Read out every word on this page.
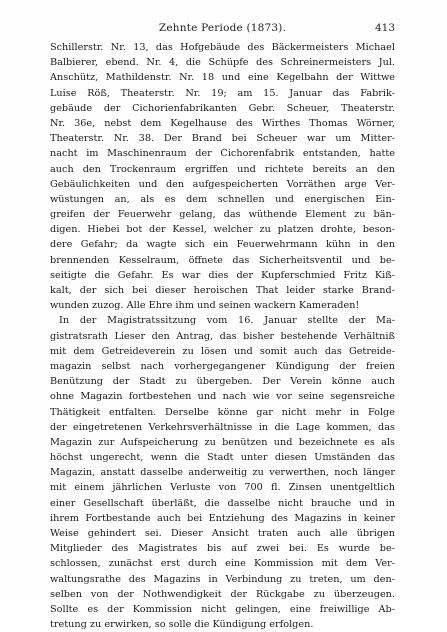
Zehnte Periode (1873).	413
Schillerstr. Nr. 13, das Hofgebäude des Bäckermeisters Michael
Balbierer, ebend. Nr. 4, die Schüpfe des Schreinermeisters Jul.
Anschütz, Mathildenstr. Nr. 18 und eine Kegelbahn der Wittwe
Luise Röß, Theaterstr. Nr. 19; am 15. Januar das Fabrik-
gebäude der Cichorienfabrikanten Gebr. Scheuer, Theaterstr.
Nr. 36e, nebst dem Kegelhause des Wirthes Thomas Wörner,
Theaterstr. Nr. 38. Der Brand bei Scheuer war um Mitter-
nacht im Maschinenraum der Cichorenfabrik entstanden, hatte
auch den Trockenraum ergriffen und richtete bereits an den
Gebäulichkeiten und den aufgespeicherten Vorräthen arge Ver-
wüstungen an, als es dem schnellen und energischen Ein-
greifen der Feuerwehr gelang, das wüthende Element zu bän-
digen. Hiebei bot der Kessel, welcher zu platzen drohte, beson-
dere Gefahr; da wagte sich ein Feuerwehrmann kühn in den
brennenden Kesselraum, öffnete das Sicherheitsventil und be-
seitigte die Gefahr. Es war dies der Kupferschmied Fritz Kiß-
kalt, der sich bei dieser heroischen That leider starke Brand-
wunden zuzog. Alle Ehre ihm und seinen wackern Kameraden!
In der Magistratssitzung vom 16. Januar stellte der Ma-
gistratsrath Lieser den Antrag, das bisher bestehende Verhältniß
mit dem Getreideverein zu lösen und somit auch das Getreide-
magazin selbst nach vorhergegangener Kündigung der freien
Benützung der Stadt zu übergeben. Der Verein könne auch
ohne Magazin fortbestehen und nach wie vor seine segensreiche
Thätigkeit entfalten. Derselbe könne gar nicht mehr in Folge
der eingetretenen Verkehrsverhältnisse in die Lage kommen, das
Magazin zur Aufspeicherung zu benützen und bezeichnete es als
höchst ungerecht, wenn die Stadt unter diesen Umständen das
Magazin, anstatt dasselbe anderweitig zu verwerthen, noch länger
mit einem jährlichen Verluste von 700 fl. Zinsen unentgeltlich
einer Gesellschaft überläßt, die dasselbe nicht brauche und in
ihrem Fortbestande auch bei Entziehung des Magazins in keiner
Weise gehindert sei. Dieser Ansicht traten auch alle übrigen
Mitglieder des Magistrates bis auf zwei bei. Es wurde be-
schlossen, zunächst erst durch eine Kommission mit dem Ver-
waltungsrathe des Magazins in Verbindung zu treten, um den-
selben von der Nothwendigkeit der Rückgabe zu überzeugen.
Sollte es der Kommission nicht gelingen, eine freiwillige Ab-
tretung zu erwirken, so solle die Kündigung erfolgen.
